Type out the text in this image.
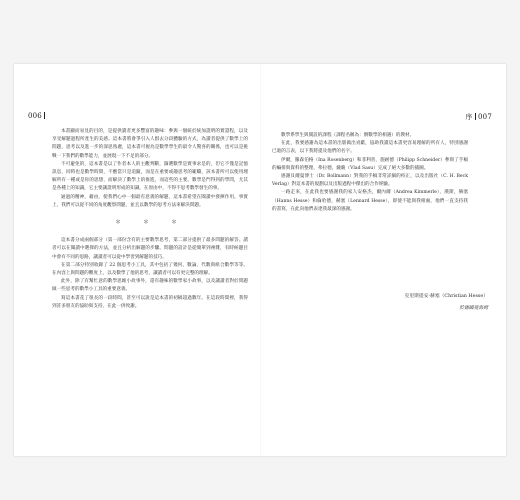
006

本書顯而易見的目的，是提供讀者更多豐富的趣味：參與一個統於統加證明的實證程，以及享受解題過程所產生的美感。這本書將會爭引入人群去分段體驗的方式，為讀者提供了數學上的問題，思考以及進一步的深思熟慮，這本書可視為是數學學生的最令人驚喜的關係，也可以是挑戰一下我們的數學能力，並展現一下不足的部分。

不可避免的，這本書是以了作者本人的主觀判斷，篩選數學是實事求是的，但它不僅是記憶訊息，同時也是數學時間，不應當只是追隨，而是在重要或趣思考的範疇，該本書所可以使用理解所有一種或是你的思想，而解決了數學上的推進，而這些的主要。數學是門得到的學問，尤其是各種上的知識，它主要讓證明形成的知識，在原由中，不得不思考數學發生的事。

通過的精神，藉由，使我們心中一個最有意義的解題，這本書希望在閱讀中發揮作用。事實上，我們可以從不同的角度觀察問題，並且以數學的思考方法來解決問題。

＊　＊　＊

這本書分成兩個部分（第一部份含有的主要數學思考，第二部分提供了最多問題的解答。讀者可以在閱讀中選擇的方法，並且分析出解題的步驟。問題的設計是從簡單到複雜，有時候題目中會有不同的思路，讓讀者可以從中學習到解題的技巧。

在第二部分特別收錄了 22 個思考小工具，其中包括了幾何、數論、代數與組合數學等等。在內容上與問題的難度上，以及數學了他的思考，讓讀者可以有更完整的理解。

此外，除了有幫忙意的數學思維小故事外，還有趣味的數學家小故事，以及讓讀者對於問題做一些思考的數學小工具的重要意義。

寫這本書花了很長的一段時間，甚至可以說是這本書的初稿超過數年。在這段時間裡，我得到許多朋友的協助與支持，在此一併致謝。

序 007

數學系學生與開設的課程（課程名稱為：倒數學的相遇）的教材。

在此，我要感謝為這本書的出版做出貢獻，協助我讀這本書更容易理解的所有人，特別感謝已逝的言表，以下我將提及他們的名字。

伊爾，羅森伯格（Ina Rosenberg）和菲利普，施耐德（Philipp Schneider）參與了手稿的編排與資料的整理，弗拉德，薩薩（Vlad Sasu）完成了絕大多數的插圖。

感謝貝爾曼博士（Dr. Bollmann）對我的手稿非常詳細的校正，以及出版社（C. H. Beck Verlag）對這本書的規劃以及出版過程中傑出的合作經驗。

一路走來，在此我也要感謝我的家人安格杰，爾內爾（Andrea Kimmerle），漢斯，赫塞（Hanns Hesse）和倫哈德，赫塞（Lennard Hesse），即使不能與我相處，他們一直支持我的書寫，在此向他們表達我最深的感謝。

克里斯提安·赫塞（Christian Hesse）
於德國曼海姆
